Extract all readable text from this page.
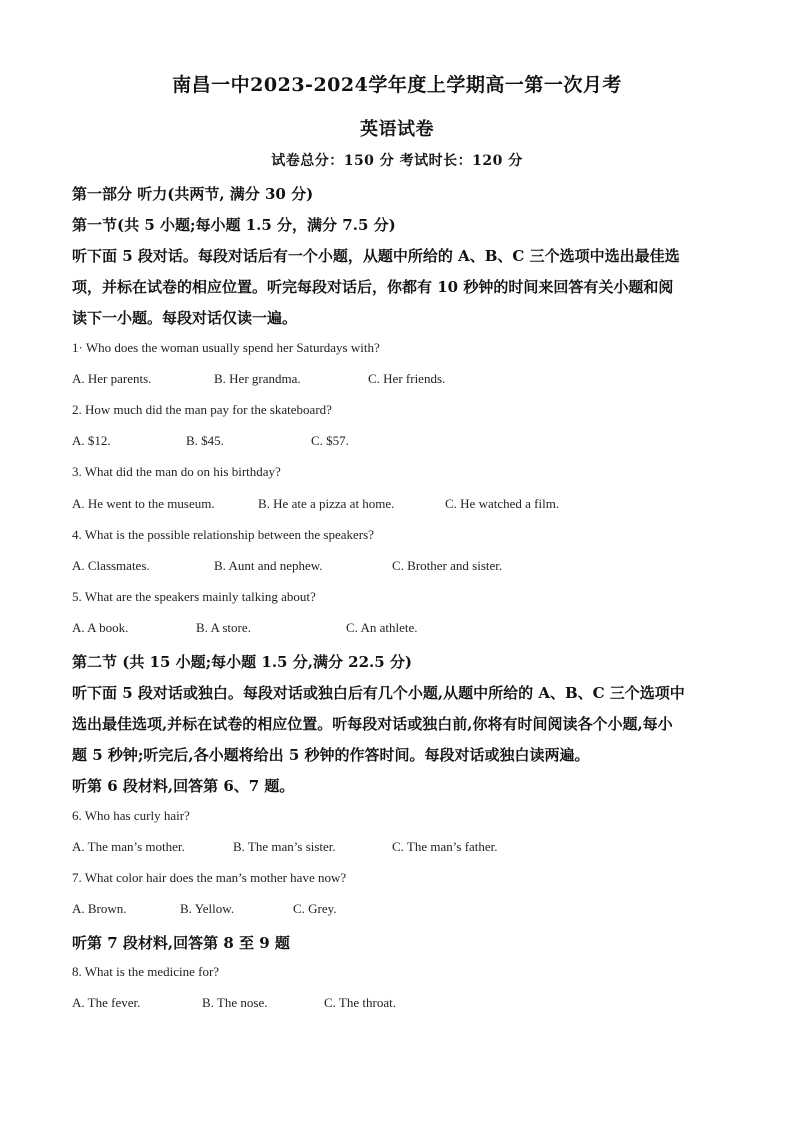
南昌一中2023-2024学年度上学期高一第一次月考
英语试卷
试卷总分：150 分 考试时长：120 分
第一部分 听力(共两节, 满分 30 分)
第一节(共 5 小题;每小题 1.5 分，满分 7.5 分)
听下面 5 段对话。每段对话后有一个小题，从题中所给的 A、B、C 三个选项中选出最佳选
项，并标在试卷的相应位置。听完每段对话后，你都有 10 秒钟的时间来回答有关小题和阅
读下一小题。每段对话仅读一遍。
1· Who does the woman usually spend her Saturdays with?
A. Her parents.	B. Her grandma.	C. Her friends.
2. How much did the man pay for the skateboard?
A. $12.	B. $45.	C. $57.
3. What did the man do on his birthday?
A. He went to the museum.	B. He ate a pizza at home.	C. He watched a film.
4. What is the possible relationship between the speakers?
A. Classmates.	B. Aunt and nephew.	C. Brother and sister.
5. What are the speakers mainly talking about?
A. A book.	B. A store.	C. An athlete.
第二节 (共 15 小题;每小题 1.5 分,满分 22.5 分)
听下面 5 段对话或独白。每段对话或独白后有几个小题,从题中所给的 A、B、C 三个选项中
选出最佳选项,并标在试卷的相应位置。听每段对话或独白前,你将有时间阅读各个小题,每小
题 5 秒钟;听完后,各小题将给出 5 秒钟的作答时间。每段对话或独白读两遍。
听第 6 段材料,回答第 6、7 题。
6. Who has curly hair?
A. The man’s mother.	B. The man’s sister.	C. The man’s father.
7. What color hair does the man’s mother have now?
A. Brown.	B. Yellow.	C. Grey.
听第 7 段材料,回答第 8 至 9 题
8. What is the medicine for?
A. The fever.	B. The nose.	C. The throat.
